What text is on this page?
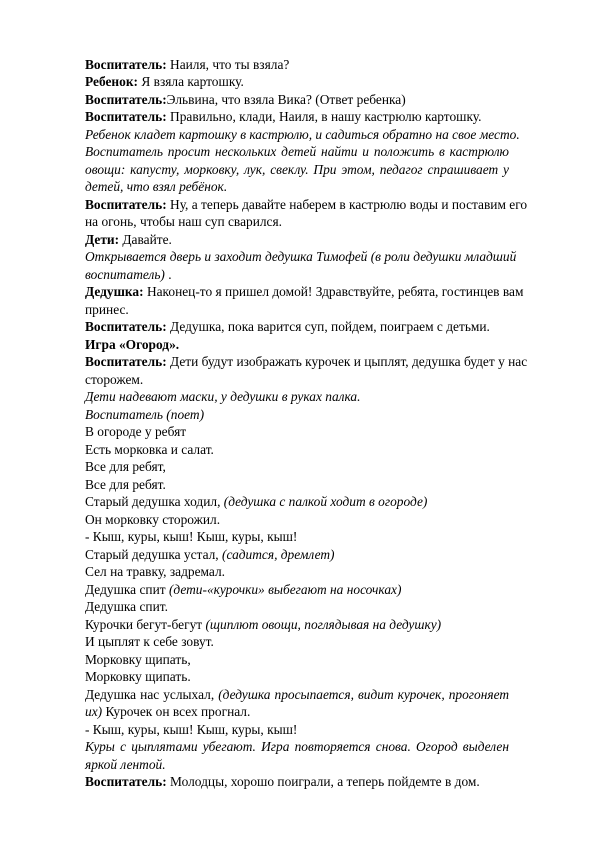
Воспитатель: Наиля, что ты взяла?
Ребенок: Я взяла картошку.
Воспитатель:Эльвина, что взяла Вика? (Ответ ребенка)
Воспитатель: Правильно, клади, Наиля, в нашу кастрюлю картошку.
Ребенок кладет картошку в кастрюлю, и садиться обратно на свое место.
Воспитатель просит нескольких детей найти и положить в кастрюлю
овощи: капусту, морковку, лук, свеклу. При этом, педагог спрашивает у
детей, что взял ребёнок.
Воспитатель: Ну, а теперь давайте наберем в кастрюлю воды и поставим его
на огонь, чтобы наш суп сварился.
Дети: Давайте.
Открывается дверь и заходит дедушка Тимофей (в роли дедушки младший
воспитатель) .
Дедушка: Наконец-то я пришел домой! Здравствуйте, ребята, гостинцев вам
принес.
Воспитатель: Дедушка, пока варится суп, пойдем, поиграем с детьми.
Игра «Огород».
Воспитатель: Дети будут изображать курочек и цыплят, дедушка будет у нас
сторожем.
Дети надевают маски, у дедушки в руках палка.
Воспитатель (поет)
В огороде у ребят
Есть морковка и салат.
Все для ребят,
Все для ребят.
Старый дедушка ходил, (дедушка с палкой ходит в огороде)
Он морковку сторожил.
- Кыш, куры, кыш! Кыш, куры, кыш!
Старый дедушка устал, (садится, дремлет)
Сел на травку, задремал.
Дедушка спит (дети-«курочки» выбегают на носочках)
Дедушка спит.
Курочки бегут-бегут (щиплют овощи, поглядывая на дедушку)
И цыплят к себе зовут.
Морковку щипать,
Морковку щипать.
Дедушка нас услыхал, (дедушка просыпается, видит курочек, прогоняет
их) Курочек он всех прогнал.
- Кыш, куры, кыш! Кыш, куры, кыш!
Куры с цыплятами убегают. Игра повторяется снова. Огород выделен
яркой лентой.
Воспитатель: Молодцы, хорошо поиграли, а теперь пойдемте в дом.
